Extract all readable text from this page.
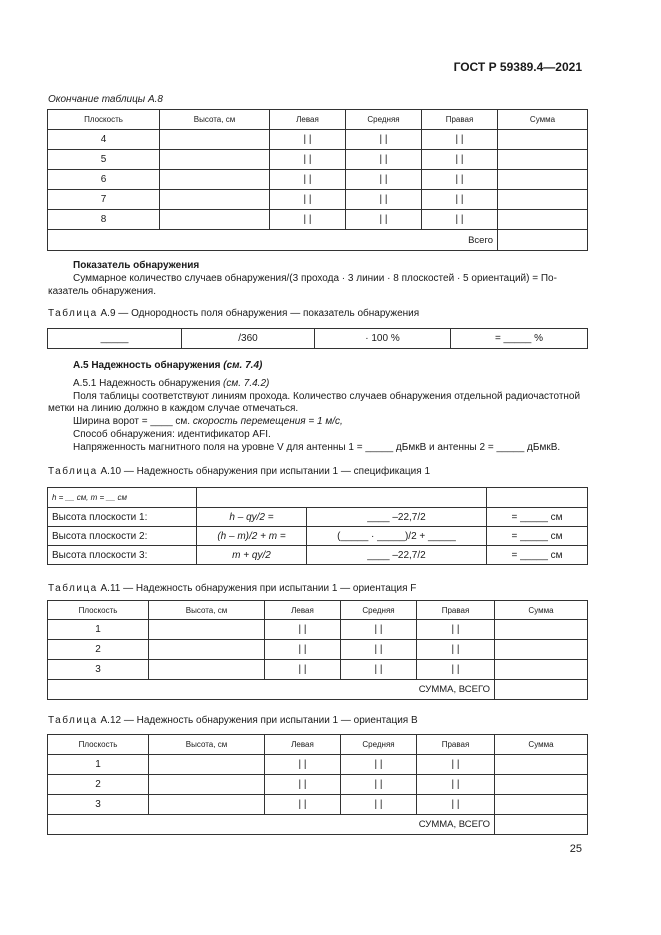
ГОСТ Р 59389.4—2021
Окончание таблицы А.8
Плоскость	Высота, см	Левая	Средняя	Правая	Сумма
4		| |	| |	| |	
5		| |	| |	| |	
6		| |	| |	| |	
7		| |	| |	| |	
8		| |	| |	| |	
Всего					
Показатель обнаружения
Суммарное количество случаев обнаружения/(3 прохода · 3 линии · 8 плоскостей · 5 ориентаций) = По-
казатель обнаружения.
Таблица А.9 — Однородность поля обнаружения — показатель обнаружения
_____	/360	· 100 %	= _____ %
А.5 Надежность обнаружения (см. 7.4)
А.5.1 Надежность обнаружения (см. 7.4.2)
Поля таблицы соответствуют линиям прохода. Количество случаев обнаружения отдельной радиочастотной
метки на линию должно в каждом случае отмечаться.
Ширина ворот = ____ см. скорость перемещения = 1 м/с,
Способ обнаружения: идентификатор AFI.
Напряженность магнитного поля на уровне V для антенны 1 = _____ дБмкВ и антенны 2 = _____ дБмкВ.
Таблица А.10 — Надежность обнаружения при испытании 1 — спецификация 1
h = __ см, m = __ см			
Высота плоскости 1:	h – qy/2 =	____ –22,7/2	= _____ см
Высота плоскости 2:	(h – m)/2 + m =	(_____ · _____)/2 + _____	= _____ см
Высота плоскости 3:	m + qy/2	____ –22,7/2	= _____ см
Таблица А.11 — Надежность обнаружения при испытании 1 — ориентация F
Плоскость	Высота, см	Левая	Средняя	Правая	Сумма
1		| |	| |	| |	
2		| |	| |	| |	
3		| |	| |	| |	
СУММА, ВСЕГО					
Таблица А.12 — Надежность обнаружения при испытании 1 — ориентация B
Плоскость	Высота, см	Левая	Средняя	Правая	Сумма
1		| |	| |	| |	
2		| |	| |	| |	
3		| |	| |	| |	
СУММА, ВСЕГО					
25
